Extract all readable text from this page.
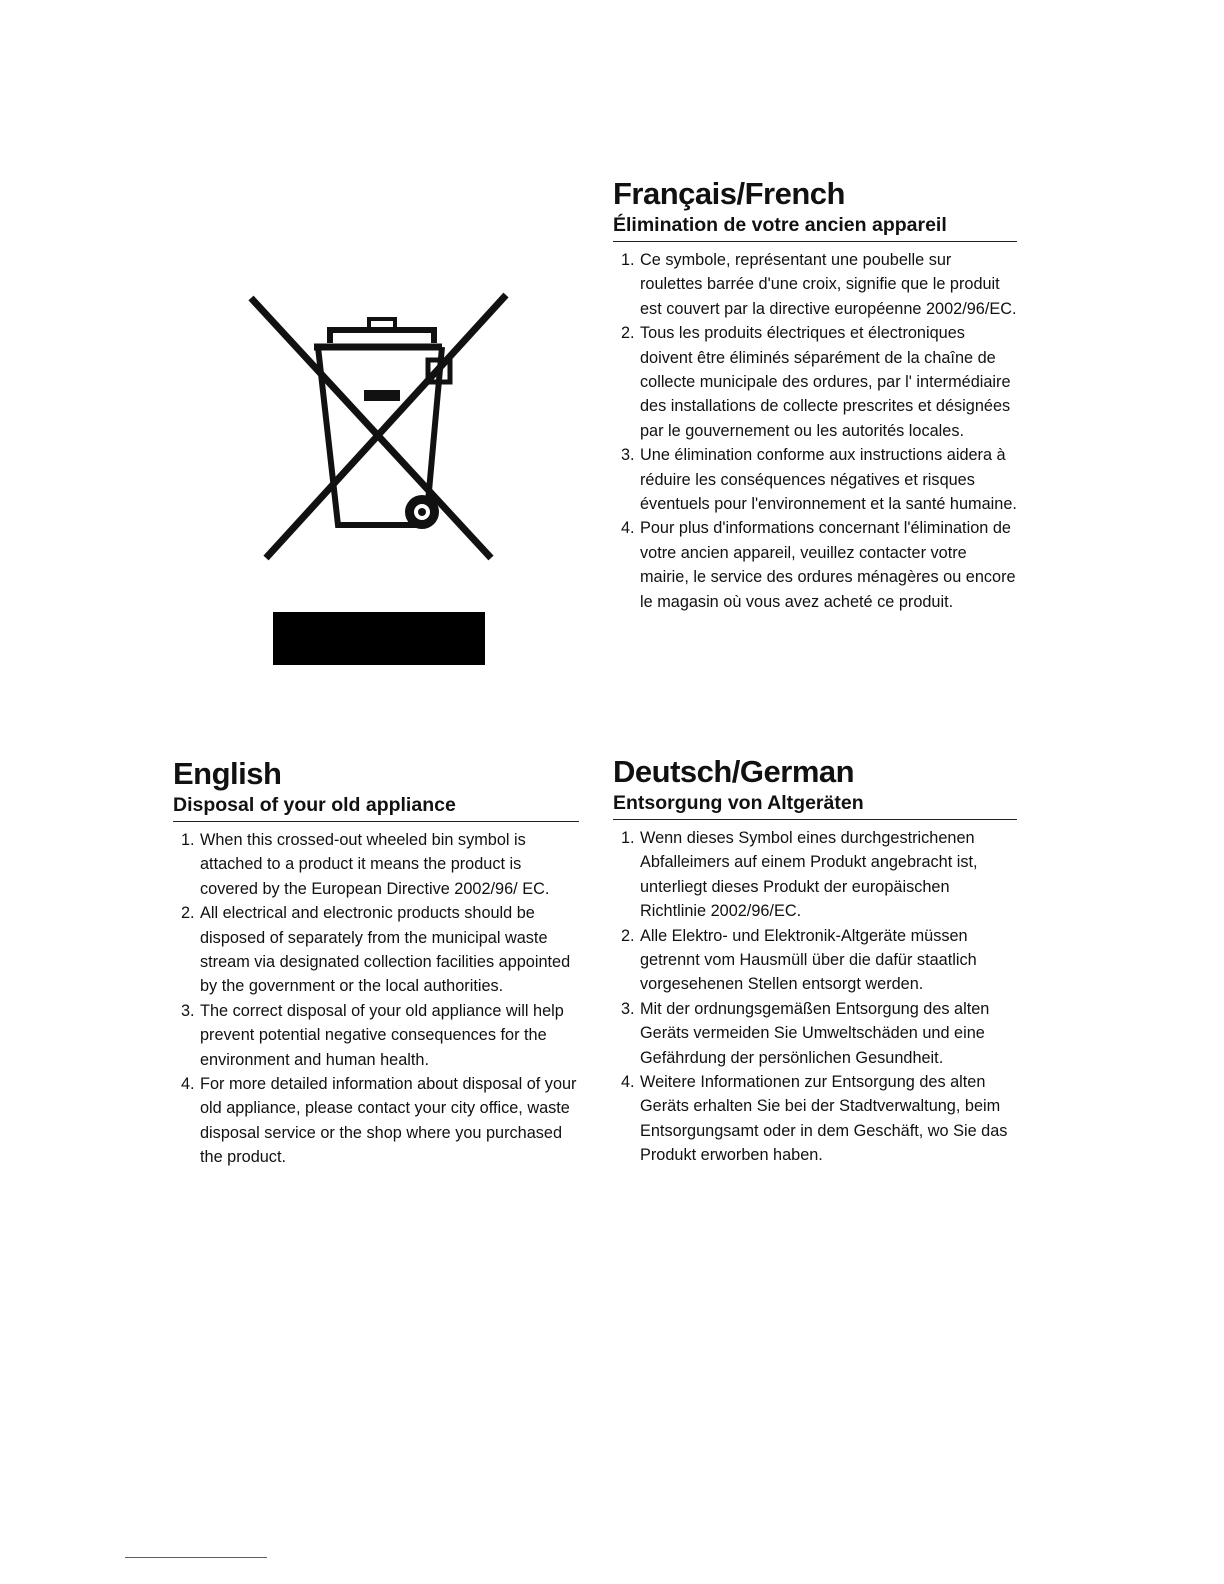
Français/French
Élimination de votre ancien appareil
1. Ce symbole, représentant une poubelle sur roulettes barrée d'une croix, signifie que le produit est couvert par la directive européenne 2002/96/EC.
2. Tous les produits électriques et électroniques doivent être éliminés séparément de la chaîne de collecte municipale des ordures, par l' intermédiaire des installations de collecte prescrites et désignées par le gouvernement ou les autorités locales.
3. Une élimination conforme aux instructions aidera à réduire les conséquences négatives et risques éventuels pour l'environnement et la santé humaine.
4. Pour plus d'informations concernant l'élimination de votre ancien appareil, veuillez contacter votre mairie, le service des ordures ménagères ou encore le magasin où vous avez acheté ce produit.
English
Disposal of your old appliance
1. When this crossed-out wheeled bin symbol is attached to a product it means the product is covered by the European Directive 2002/96/ EC.
2. All electrical and electronic products should be disposed of separately from the municipal waste stream via designated collection facilities appointed by the government or the local authorities.
3. The correct disposal of your old appliance will help prevent potential negative consequences for the environment and human health.
4. For more detailed information about disposal of your old appliance, please contact your city office, waste disposal service or the shop where you purchased the product.
Deutsch/German
Entsorgung von Altgeräten
1. Wenn dieses Symbol eines durchgestrichenen Abfalleimers auf einem Produkt angebracht ist, unterliegt dieses Produkt der europäischen Richtlinie 2002/96/EC.
2. Alle Elektro- und Elektronik-Altgeräte müssen getrennt vom Hausmüll über die dafür staatlich vorgesehenen Stellen entsorgt werden.
3. Mit der ordnungsgemäßen Entsorgung des alten Geräts vermeiden Sie Umweltschäden und eine Gefährdung der persönlichen Gesundheit.
4. Weitere Informationen zur Entsorgung des alten Geräts erhalten Sie bei der Stadtverwaltung, beim Entsorgungsamt oder in dem Geschäft, wo Sie das Produkt erworben haben.
